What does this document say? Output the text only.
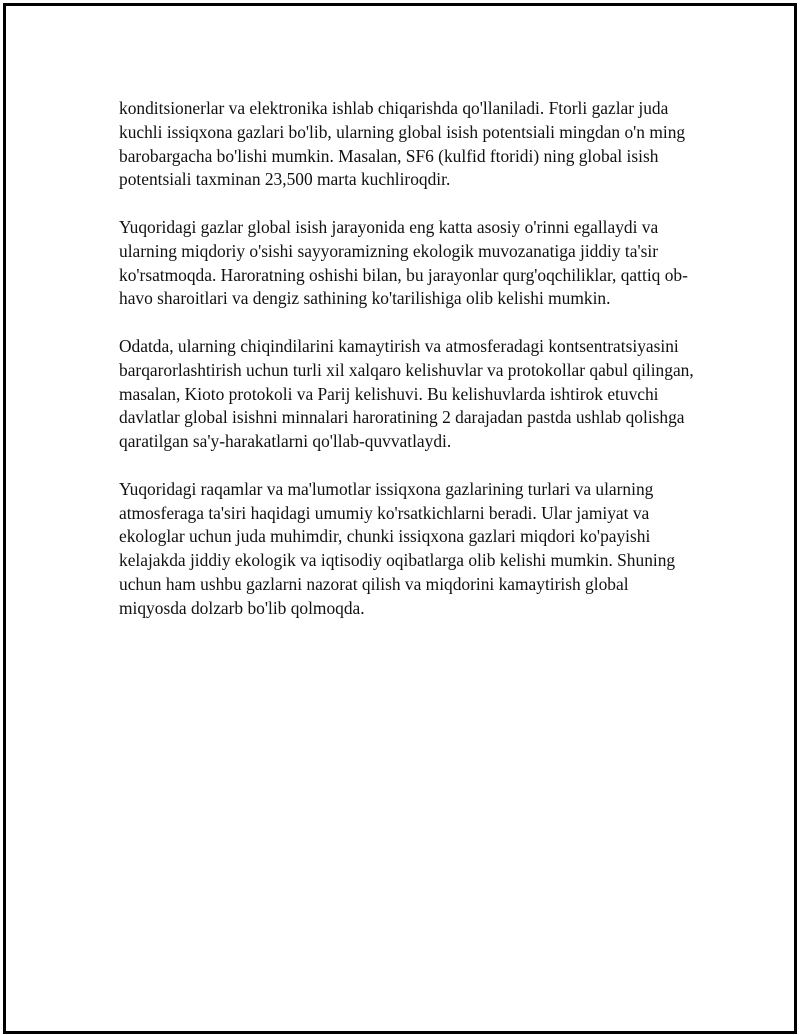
konditsionerlar va elektronika ishlab chiqarishda qo'llaniladi. Ftorli gazlar juda kuchli issiqxona gazlari bo'lib, ularning global isish potentsiali mingdan o'n ming barobargacha bo'lishi mumkin. Masalan, SF6 (kulfid ftoridi) ning global isish potentsiali taxminan 23,500 marta kuchliroqdir.

Yuqoridagi gazlar global isish jarayonida eng katta asosiy o'rinni egallaydi va ularning miqdoriy o'sishi sayyoramizning ekologik muvozanatiga jiddiy ta'sir ko'rsatmoqda. Haroratning oshishi bilan, bu jarayonlar qurg'oqchiliklar, qattiq ob-havo sharoitlari va dengiz sathining ko'tarilishiga olib kelishi mumkin.

Odatda, ularning chiqindilarini kamaytirish va atmosferadagi kontsentratsiyasini barqarorlashtirish uchun turli xil xalqaro kelishuvlar va protokollar qabul qilingan, masalan, Kioto protokoli va Parij kelishuvi. Bu kelishuvlarda ishtirok etuvchi davlatlar global isishni minnalari haroratining 2 darajadan pastda ushlab qolishga qaratilgan sa'y-harakatlarni qo'llab-quvvatlaydi.

Yuqoridagi raqamlar va ma'lumotlar issiqxona gazlarining turlari va ularning atmosferaga ta'siri haqidagi umumiy ko'rsatkichlarni beradi. Ular jamiyat va ekologlar uchun juda muhimdir, chunki issiqxona gazlari miqdori ko'payishi kelajakda jiddiy ekologik va iqtisodiy oqibatlarga olib kelishi mumkin. Shuning uchun ham ushbu gazlarni nazorat qilish va miqdorini kamaytirish global miqyosda dolzarb bo'lib qolmoqda.
